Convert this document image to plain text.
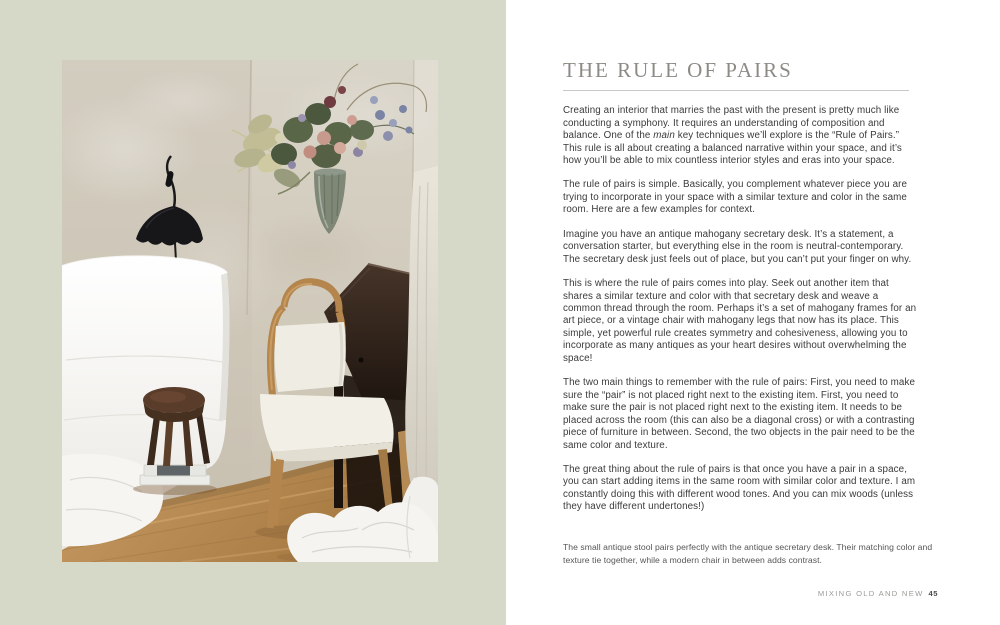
THE RULE OF PAIRS

Creating an interior that marries the past with the present is pretty much like conducting a symphony. It requires an understanding of composition and balance. One of the main key techniques we’ll explore is the “Rule of Pairs.” This rule is all about creating a balanced narrative within your space, and it’s how you’ll be able to mix countless interior styles and eras into your space.

The rule of pairs is simple. Basically, you complement whatever piece you are trying to incorporate in your space with a similar texture and color in the same room. Here are a few examples for context.

Imagine you have an antique mahogany secretary desk. It’s a statement, a conversation starter, but everything else in the room is neutral-contemporary. The secretary desk just feels out of place, but you can’t put your finger on why.

This is where the rule of pairs comes into play. Seek out another item that shares a similar texture and color with that secretary desk and weave a common thread through the room. Perhaps it’s a set of mahogany frames for an art piece, or a vintage chair with mahogany legs that now has its place. This simple, yet powerful rule creates symmetry and cohesiveness, allowing you to incorporate as many antiques as your heart desires without overwhelming the space!

The two main things to remember with the rule of pairs: First, you need to make sure the “pair” is not placed right next to the existing item. First, you need to make sure the pair is not placed right next to the existing item. It needs to be placed across the room (this can also be a diagonal cross) or with a contrasting piece of furniture in between. Second, the two objects in the pair need to be the same color and texture.

The great thing about the rule of pairs is that once you have a pair in a space, you can start adding items in the same room with similar color and texture. I am constantly doing this with different wood tones. And you can mix woods (unless they have different undertones!)

The small antique stool pairs perfectly with the antique secretary desk. Their matching color and texture tie together, while a modern chair in between adds contrast.

MIXING OLD AND NEW 45
